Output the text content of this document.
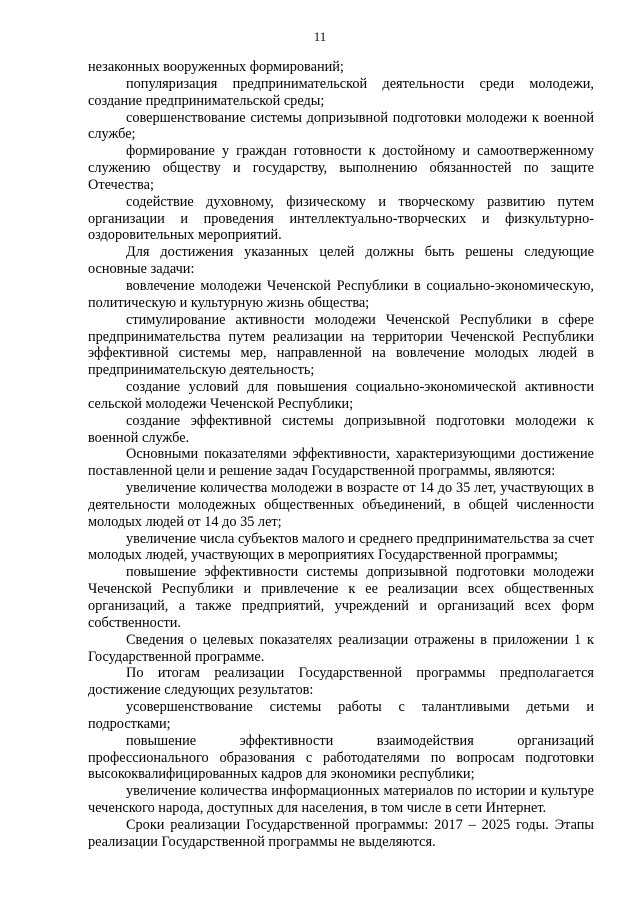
11

незаконных вооруженных формирований;

популяризация предпринимательской деятельности среди молодежи, создание предпринимательской среды;

совершенствование системы допризывной подготовки молодежи к военной службе;

формирование у граждан готовности к достойному и самоотверженному служению обществу и государству, выполнению обязанностей по защите Отечества;

содействие духовному, физическому и творческому развитию путем организации и проведения интеллектуально-творческих и физкультурно-оздоровительных мероприятий.

Для достижения указанных целей должны быть решены следующие основные задачи:

вовлечение молодежи Чеченской Республики в социально-экономическую, политическую и культурную жизнь общества;

стимулирование активности молодежи Чеченской Республики в сфере предпринимательства путем реализации на территории Чеченской Республики эффективной системы мер, направленной на вовлечение молодых людей в предпринимательскую деятельность;

создание условий для повышения социально-экономической активности сельской молодежи Чеченской Республики;

создание эффективной системы допризывной подготовки молодежи к военной службе.

Основными показателями эффективности, характеризующими достижение поставленной цели и решение задач Государственной программы, являются:

увеличение количества молодежи в возрасте от 14 до 35 лет, участвующих в деятельности молодежных общественных объединений, в общей численности молодых людей от 14 до 35 лет;

увеличение числа субъектов малого и среднего предпринимательства за счет молодых людей, участвующих в мероприятиях Государственной программы;

повышение эффективности системы допризывной подготовки молодежи Чеченской Республики и привлечение к ее реализации всех общественных организаций, а также предприятий, учреждений и организаций всех форм собственности.

Сведения о целевых показателях реализации отражены в приложении 1 к Государственной программе.

По итогам реализации Государственной программы предполагается достижение следующих результатов:

усовершенствование системы работы с талантливыми детьми и подростками;

повышение эффективности взаимодействия организаций профессионального образования с работодателями по вопросам подготовки высококвалифицированных кадров для экономики республики;

увеличение количества информационных материалов по истории и культуре чеченского народа, доступных для населения, в том числе в сети Интернет.

Сроки реализации Государственной программы: 2017 – 2025 годы. Этапы реализации Государственной программы не выделяются.
